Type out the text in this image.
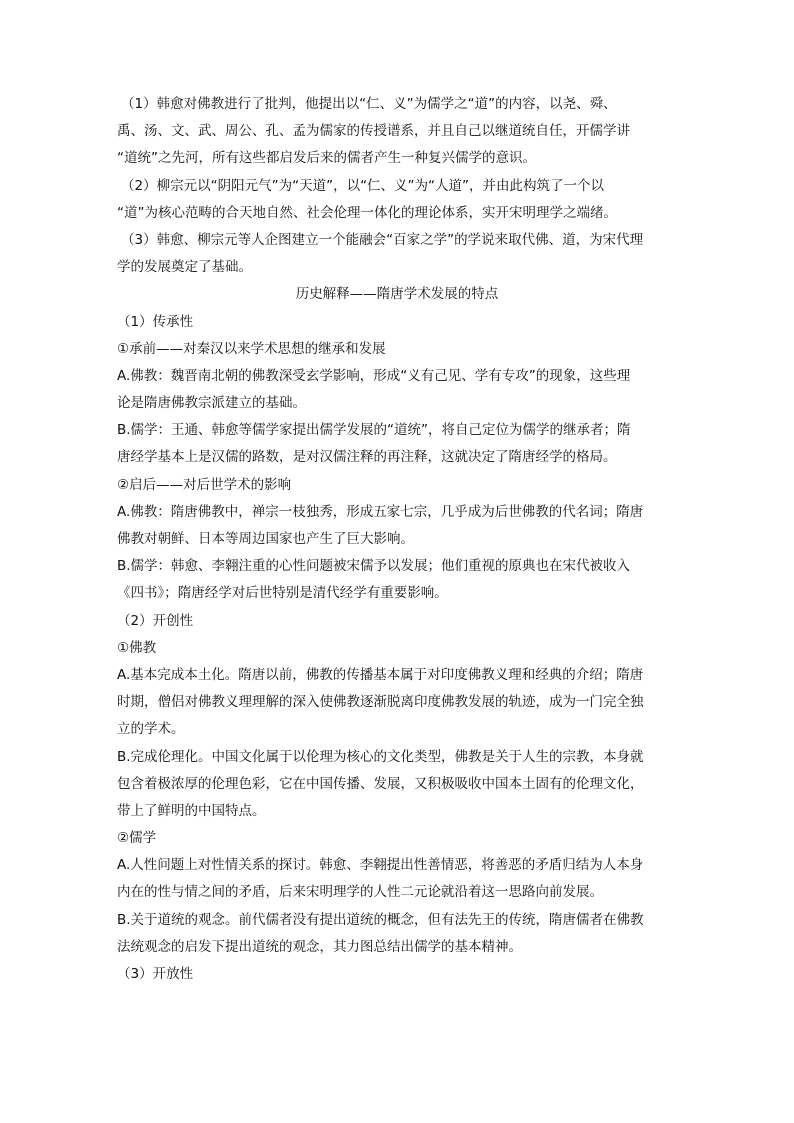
（1）韩愈对佛教进行了批判，他提出以“仁、义”为儒学之“道”的内容，以尧、舜、
禹、汤、文、武、周公、孔、孟为儒家的传授谱系，并且自己以继道统自任，开儒学讲
“道统”之先河，所有这些都启发后来的儒者产生一种复兴儒学的意识。
（2）柳宗元以“阴阳元气”为“天道”，以“仁、义”为“人道”，并由此构筑了一个以
“道”为核心范畴的合天地自然、社会伦理一体化的理论体系，实开宋明理学之端绪。
（3）韩愈、柳宗元等人企图建立一个能融会“百家之学”的学说来取代佛、道，为宋代理
学的发展奠定了基础。
历史解释——隋唐学术发展的特点
（1）传承性
①承前——对秦汉以来学术思想的继承和发展
A.佛教：魏晋南北朝的佛教深受玄学影响，形成“义有己见、学有专攻”的现象，这些理
论是隋唐佛教宗派建立的基础。
B.儒学：王通、韩愈等儒学家提出儒学发展的“道统”，将自己定位为儒学的继承者；隋
唐经学基本上是汉儒的路数，是对汉儒注释的再注释，这就决定了隋唐经学的格局。
②启后——对后世学术的影响
A.佛教：隋唐佛教中，禅宗一枝独秀，形成五家七宗，几乎成为后世佛教的代名词；隋唐
佛教对朝鲜、日本等周边国家也产生了巨大影响。
B.儒学：韩愈、李翱注重的心性问题被宋儒予以发展；他们重视的原典也在宋代被收入
《四书》；隋唐经学对后世特别是清代经学有重要影响。
（2）开创性
①佛教
A.基本完成本土化。隋唐以前，佛教的传播基本属于对印度佛教义理和经典的介绍；隋唐
时期，僧侣对佛教义理理解的深入使佛教逐渐脱离印度佛教发展的轨迹，成为一门完全独
立的学术。
B.完成伦理化。中国文化属于以伦理为核心的文化类型，佛教是关于人生的宗教，本身就
包含着极浓厚的伦理色彩，它在中国传播、发展，又积极吸收中国本土固有的伦理文化，
带上了鲜明的中国特点。
②儒学
A.人性问题上对性情关系的探讨。韩愈、李翱提出性善情恶，将善恶的矛盾归结为人本身
内在的性与情之间的矛盾，后来宋明理学的人性二元论就沿着这一思路向前发展。
B.关于道统的观念。前代儒者没有提出道统的概念，但有法先王的传统，隋唐儒者在佛教
法统观念的启发下提出道统的观念，其力图总结出儒学的基本精神。
（3）开放性
